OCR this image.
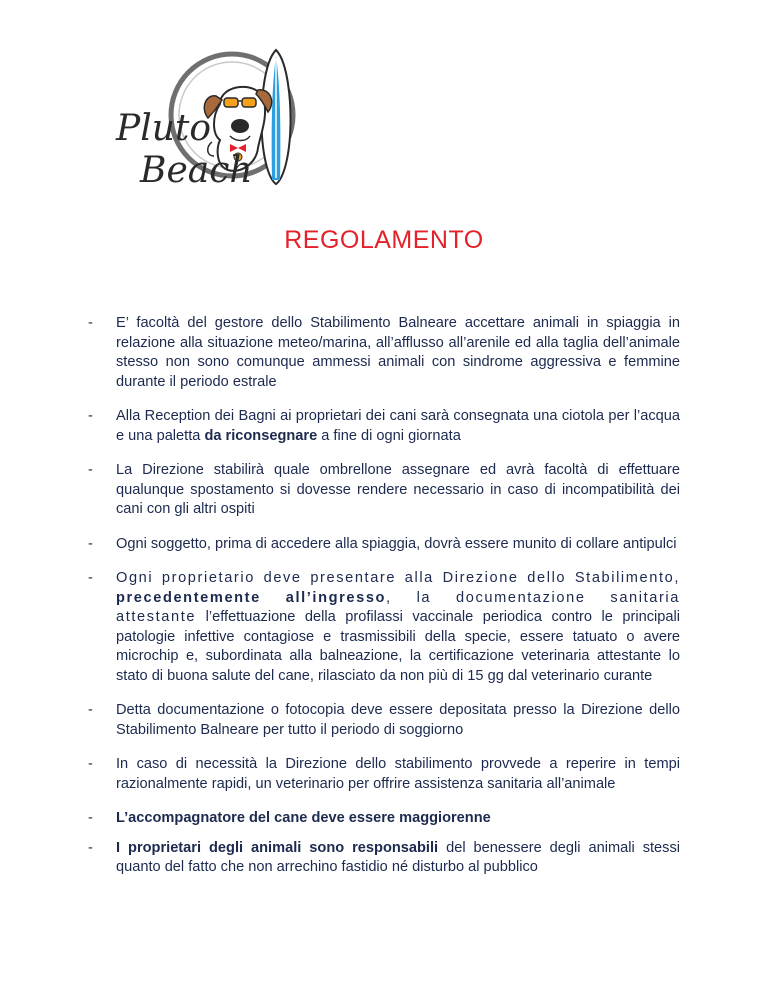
Pluto
Beach
REGOLAMENTO
- E’ facoltà del gestore dello Stabilimento Balneare accettare animali in spiaggia in relazione alla situazione meteo/marina, all’afflusso all’arenile ed alla taglia dell’animale stesso non sono comunque ammessi animali con sindrome aggressiva e femmine durante il periodo estrale
- Alla Reception dei Bagni ai proprietari dei cani sarà consegnata una ciotola per l’acqua e una paletta da riconsegnare a fine di ogni giornata
- La Direzione stabilirà quale ombrellone assegnare ed avrà facoltà di effettuare qualunque spostamento si dovesse rendere necessario in caso di incompatibilità dei cani con gli altri ospiti
- Ogni soggetto, prima di accedere alla spiaggia, dovrà essere munito di collare antipulci
- Ogni proprietario deve presentare alla Direzione dello Stabilimento, precedentemente all’ingresso, la documentazione sanitaria attestante l’effettuazione della profilassi vaccinale periodica contro le principali patologie infettive contagiose e trasmissibili della specie, essere tatuato o avere microchip e, subordinata alla balneazione, la certificazione veterinaria attestante lo stato di buona salute del cane, rilasciato da non più di 15 gg dal veterinario curante
- Detta documentazione o fotocopia deve essere depositata presso la Direzione dello Stabilimento Balneare per tutto il periodo di soggiorno
- In caso di necessità la Direzione dello stabilimento provvede a reperire in tempi razionalmente rapidi, un veterinario per offrire assistenza sanitaria all’animale
- L’accompagnatore del cane deve essere maggiorenne
- I proprietari degli animali sono responsabili del benessere degli animali stessi quanto del fatto che non arrechino fastidio né disturbo al pubblico
